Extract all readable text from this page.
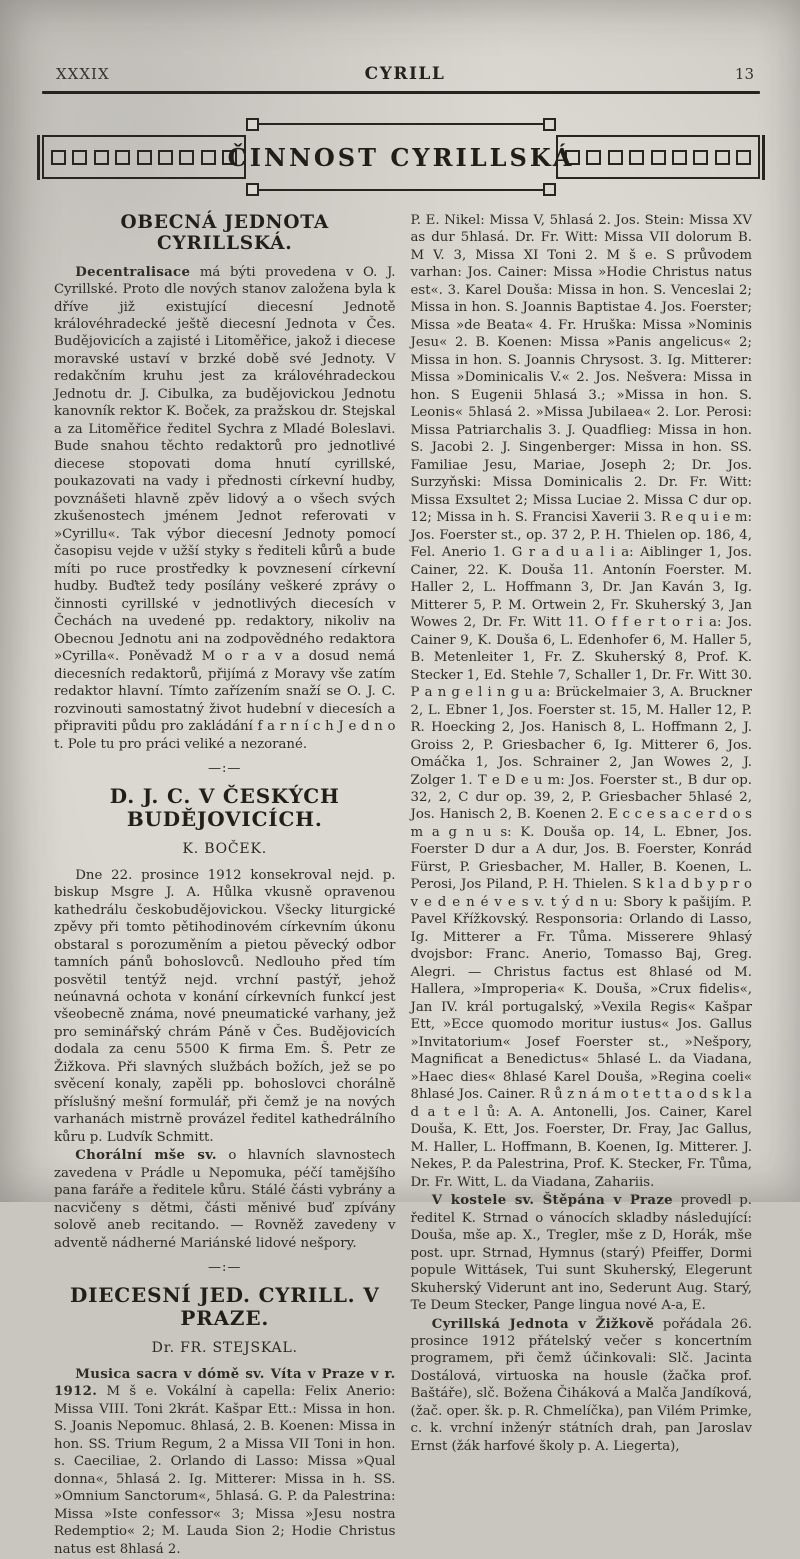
XXXIX	CYRILL	13
ČINNOST CYRILLSKÁ
OBECNÁ JEDNOTA CYRILLSKÁ.

Decentralisace má býti provedena v O. J. Cyrillské. Proto dle nových stanov založena byla k dříve již existující diecesní Jednotě královéhradecké ještě diecesní Jednota v Čes. Budějovicích a zajisté i Litoměřice, jakož i diecese moravské ustaví v brzké době své Jednoty. V redakčním kruhu jest za královéhradeckou Jednotu dr. J. Cibulka, za budějovickou Jednotu kanovník rektor K. Boček, za pražskou dr. Stejskal a za Litoměřice ředitel Sychra z Mladé Boleslavi. Bude snahou těchto redaktorů pro jednotlivé diecese stopovati doma hnutí cyrillské, poukazovati na vady i přednosti církevní hudby, povznášeti hlavně zpěv lidový a o všech svých zkušenostech jménem Jednot referovati v »Cyrillu«. Tak výbor diecesní Jednoty pomocí časopisu vejde v užší styky s řediteli kůrů a bude míti po ruce prostředky k povznesení církevní hudby. Buďtež tedy posílány veškeré zprávy o činnosti cyrillské v jednotlivých diecesích v Čechách na uvedené pp. redaktory, nikoliv na Obecnou Jednotu ani na zodpovědného redaktora »Cyrilla«. Poněvadž M o r a v a dosud nemá diecesních redaktorů, přijímá z Moravy vše zatím redaktor hlavní. Tímto zařízením snaží se O. J. C. rozvinouti samostatný život hudební v diecesích a připraviti půdu pro zakládání f a r n í c h J e d n o t. Pole tu pro práci veliké a nezorané.

—:—
D. J. C. V ČESKÝCH BUDĚJOVICÍCH.
K. BOČEK.

Dne 22. prosince 1912 konsekroval nejd. p. biskup Msgre J. A. Hůlka vkusně opravenou kathedrálu českobudějovickou. Všecky liturgické zpěvy při tomto pětihodinovém církevním úkonu obstaral s porozuměním a pietou pěvecký odbor tamních pánů bohoslovců. Nedlouho před tím posvětil tentýž nejd. vrchní pastýř, jehož neúnavná ochota v konání církevních funkcí jest všeobecně známa, nové pneumatické varhany, jež pro seminářský chrám Páně v Čes. Budějovicích dodala za cenu 5500 K firma Em. Š. Petr ze Žižkova. Při slavných službách božích, jež se po svěcení konaly, zapěli pp. bohoslovci chorálně příslušný mešní formulář, při čemž je na nových varhanách mistrně provázel ředitel kathedrálního kůru p. Ludvík Schmitt.

Chorální mše sv. o hlavních slavnostech zavedena v Prádle u Nepomuka, péčí tamějšího pana faráře a ředitele kůru. Stálé části vybrány a nacvičeny s dětmi, části měnivé buď zpívány solově aneb recitando. — Rovněž zavedeny v adventě nádherné Mariánské lidové nešpory.

—:—
DIECESNÍ JED. CYRILL. V PRAZE.
Dr. FR. STEJSKAL.

Musica sacra v dómě sv. Víta v Praze v r. 1912. M š e. Vokální à capella: Felix Anerio: Missa VIII. Toni 2krát. Kašpar Ett.: Missa in hon. S. Joanis Nepomuc. 8hlasá, 2. B. Koenen: Missa in hon. SS. Trium Regum, 2 a Missa VII Toni in hon. s. Caeciliae, 2. Orlando di Lasso: Missa »Qual donna«, 5hlasá 2. Ig. Mitterer: Missa in h. SS. »Omnium Sanctorum«, 5hlasá. G. P. da Palestrina: Missa »Iste confessor« 3; Missa »Jesu nostra Redemptio« 2; M. Lauda Sion 2; Hodie Christus natus est 8hlasá 2.

P. E. Nikel: Missa V, 5hlasá 2. Jos. Stein: Missa XV as dur 5hlasá. Dr. Fr. Witt: Missa VII dolorum B. M V. 3, Missa XI Toni 2. M š e. S průvodem varhan: Jos. Cainer: Missa »Hodie Christus natus est«. 3. Karel Douša: Missa in hon. S. Venceslai 2; Missa in hon. S. Joannis Baptistae 4. Jos. Foerster; Missa »de Beata« 4. Fr. Hruška: Missa »Nominis Jesu« 2. B. Koenen: Missa »Panis angelicus« 2; Missa in hon. S. Joannis Chrysost. 3. Ig. Mitterer: Missa »Dominicalis V.« 2. Jos. Nešvera: Missa in hon. S Eugenii 5hlasá 3.; »Missa in hon. S. Leonis« 5hlasá 2. »Missa Jubilaea« 2. Lor. Perosi: Missa Patriarchalis 3. J. Quadflieg: Missa in hon. S. Jacobi 2. J. Singenberger: Missa in hon. SS. Familiae Jesu, Mariae, Joseph 2; Dr. Jos. Surzyňski: Missa Dominicalis 2. Dr. Fr. Witt: Missa Exsultet 2; Missa Luciae 2. Missa C dur op. 12; Missa in h. S. Francisi Xaverii 3. R e q u i e m: Jos. Foerster st., op. 37 2, P. H. Thielen op. 186, 4, Fel. Anerio 1. G r a d u a l i a: Aiblinger 1, Jos. Cainer, 22. K. Douša 11. Antonín Foerster. M. Haller 2, L. Hoffmann 3, Dr. Jan Kaván 3, Ig. Mitterer 5, P. M. Ortwein 2, Fr. Skuherský 3, Jan Wowes 2, Dr. Fr. Witt 11. O f f e r t o r i a: Jos. Cainer 9, K. Douša 6, L. Edenhofer 6, M. Haller 5, B. Metenleiter 1, Fr. Z. Skuherský 8, Prof. K. Stecker 1, Ed. Stehle 7, Schaller 1, Dr. Fr. Witt 30. P a n g e l i n g u a: Brückelmaier 3, A. Bruckner 2, L. Ebner 1, Jos. Foerster st. 15, M. Haller 12, P. R. Hoecking 2, Jos. Hanisch 8, L. Hoffmann 2, J. Groiss 2, P. Griesbacher 6, Ig. Mitterer 6, Jos. Omáčka 1, Jos. Schrainer 2, Jan Wowes 2, J. Zolger 1. T e D e u m: Jos. Foerster st., B dur op. 32, 2, C dur op. 39, 2, P. Griesbacher 5hlasé 2, Jos. Hanisch 2, B. Koenen 2. E c c e s a c e r d o s m a g n u s: K. Douša op. 14, L. Ebner, Jos. Foerster D dur a A dur, Jos. B. Foerster, Konrád Fürst, P. Griesbacher, M. Haller, B. Koenen, L. Perosi, Jos Piland, P. H. Thielen. S k l a d b y p r o v e d e n é v e s v. t ý d n u: Sbory k pašijím. P. Pavel Křížkovský. Responsoria: Orlando di Lasso, Ig. Mitterer a Fr. Tůma. Misserere 9hlasý dvojsbor: Franc. Anerio, Tomasso Baj, Greg. Alegri. — Christus factus est 8hlasé od M. Hallera, »Improperia« K. Douša, »Crux fidelis«, Jan IV. král portugalský, »Vexila Regis« Kašpar Ett, »Ecce quomodo moritur iustus« Jos. Gallus »Invitatorium« Josef Foerster st., »Nešpory, Magnificat a Benedictus« 5hlasé L. da Viadana, »Haec dies« 8hlasé Karel Douša, »Regina coeli« 8hlasé Jos. Cainer. R ů z n á m o t e t t a o d s k l a d a t e l ů: A. A. Antonelli, Jos. Cainer, Karel Douša, K. Ett, Jos. Foerster, Dr. Fray, Jac Gallus, M. Haller, L. Hoffmann, B. Koenen, Ig. Mitterer. J. Nekes, P. da Palestrina, Prof. K. Stecker, Fr. Tůma, Dr. Fr. Witt, L. da Viadana, Zahariis.

V kostele sv. Štěpána v Praze provedl p. ředitel K. Strnad o vánocích skladby následující: Douša, mše ap. X., Tregler, mše z D, Horák, mše post. upr. Strnad, Hymnus (starý) Pfeiffer, Dormi popule Wittásek, Tui sunt Skuherský, Elegerunt Skuherský Viderunt ant ino, Sederunt Aug. Starý, Te Deum Stecker, Pange lingua nové A-a, E.

Cyrillská Jednota v Žižkově pořádala 26. prosince 1912 přátelský večer s koncertním programem, při čemž účinkovali: Slč. Jacinta Dostálová, virtuoska na housle (žačka prof. Baštáře), slč. Božena Čiháková a Malča Jandíková, (žač. oper. šk. p. R. Chmelíčka), pan Vilém Primke, c. k. vrchní inženýr státních drah, pan Jaroslav Ernst (žák harfové školy p. A. Liegerta),
